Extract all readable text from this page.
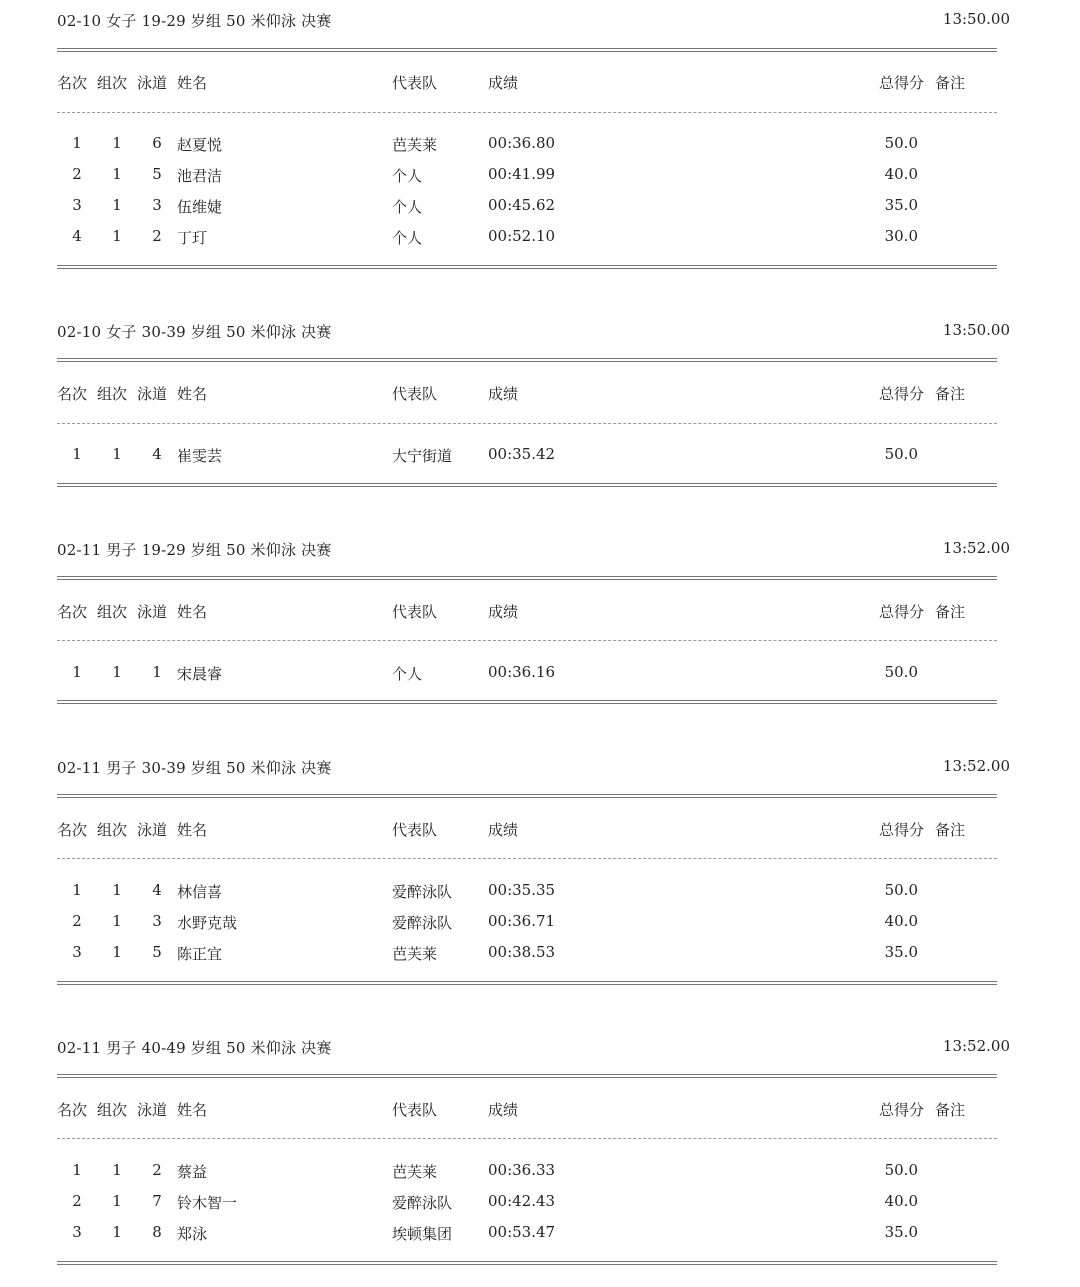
02-10 女子 19-29 岁组 50 米仰泳 决赛	13:50.00
名次 组次 泳道 姓名	代表队	成绩	总得分 备注
1 1 6 赵夏悦	芭芙莱	00:36.80	50.0
2 1 5 池君洁	个人	00:41.99	40.0
3 1 3 伍维婕	个人	00:45.62	35.0
4 1 2 丁玎	个人	00:52.10	30.0
02-10 女子 30-39 岁组 50 米仰泳 决赛	13:50.00
名次 组次 泳道 姓名	代表队	成绩	总得分 备注
1 1 4 崔雯芸	大宁街道 00:35.42	50.0
02-11 男子 19-29 岁组 50 米仰泳 决赛	13:52.00
名次 组次 泳道 姓名	代表队	成绩	总得分 备注
1 1 1 宋晨睿	个人	00:36.16	50.0
02-11 男子 30-39 岁组 50 米仰泳 决赛	13:52.00
名次 组次 泳道 姓名	代表队	成绩	总得分 备注
1 1 4 林信喜	爱醉泳队 00:35.35	50.0
2 1 3 水野克哉	爱醉泳队 00:36.71	40.0
3 1 5 陈正宜	芭芙莱	00:38.53	35.0
02-11 男子 40-49 岁组 50 米仰泳 决赛	13:52.00
名次 组次 泳道 姓名	代表队	成绩	总得分 备注
1 1 2 蔡益	芭芙莱	00:36.33	50.0
2 1 7 铃木智一	爱醉泳队 00:42.43	40.0
3 1 8 郑泳	埃顿集团 00:53.47	35.0
